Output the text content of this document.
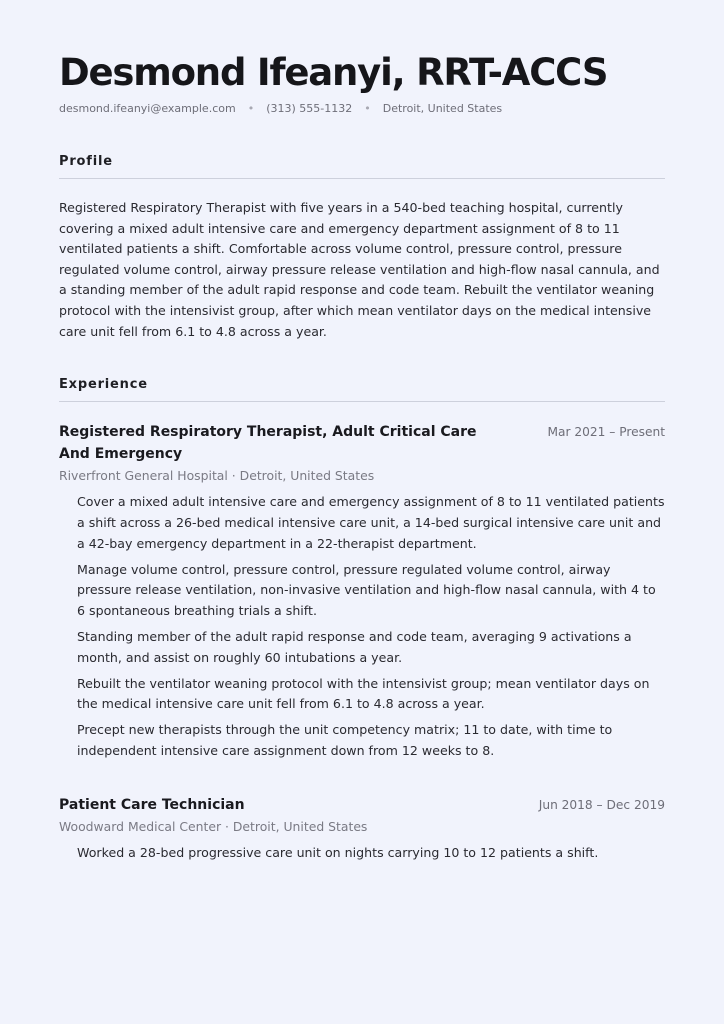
Desmond Ifeanyi, RRT-ACCS
desmond.ifeanyi@example.com • (313) 555-1132 • Detroit, United States
Profile

Registered Respiratory Therapist with five years in a 540-bed teaching hospital, currently covering a mixed adult intensive care and emergency department assignment of 8 to 11 ventilated patients a shift. Comfortable across volume control, pressure control, pressure regulated volume control, airway pressure release ventilation and high-flow nasal cannula, and a standing member of the adult rapid response and code team. Rebuilt the ventilator weaning protocol with the intensivist group, after which mean ventilator days on the medical intensive care unit fell from 6.1 to 4.8 across a year.

Experience
Registered Respiratory Therapist, Adult Critical Care And Emergency
Mar 2021 – Present
Riverfront General Hospital · Detroit, United States
Cover a mixed adult intensive care and emergency assignment of 8 to 11 ventilated patients a shift across a 26-bed medical intensive care unit, a 14-bed surgical intensive care unit and a 42-bay emergency department in a 22-therapist department.
Manage volume control, pressure control, pressure regulated volume control, airway pressure release ventilation, non-invasive ventilation and high-flow nasal cannula, with 4 to 6 spontaneous breathing trials a shift.
Standing member of the adult rapid response and code team, averaging 9 activations a month, and assist on roughly 60 intubations a year.
Rebuilt the ventilator weaning protocol with the intensivist group; mean ventilator days on the medical intensive care unit fell from 6.1 to 4.8 across a year.
Precept new therapists through the unit competency matrix; 11 to date, with time to independent intensive care assignment down from 12 weeks to 8.
Patient Care Technician	Jun 2018 – Dec 2019
Woodward Medical Center · Detroit, United States
Worked a 28-bed progressive care unit on nights carrying 10 to 12 patients a shift.
